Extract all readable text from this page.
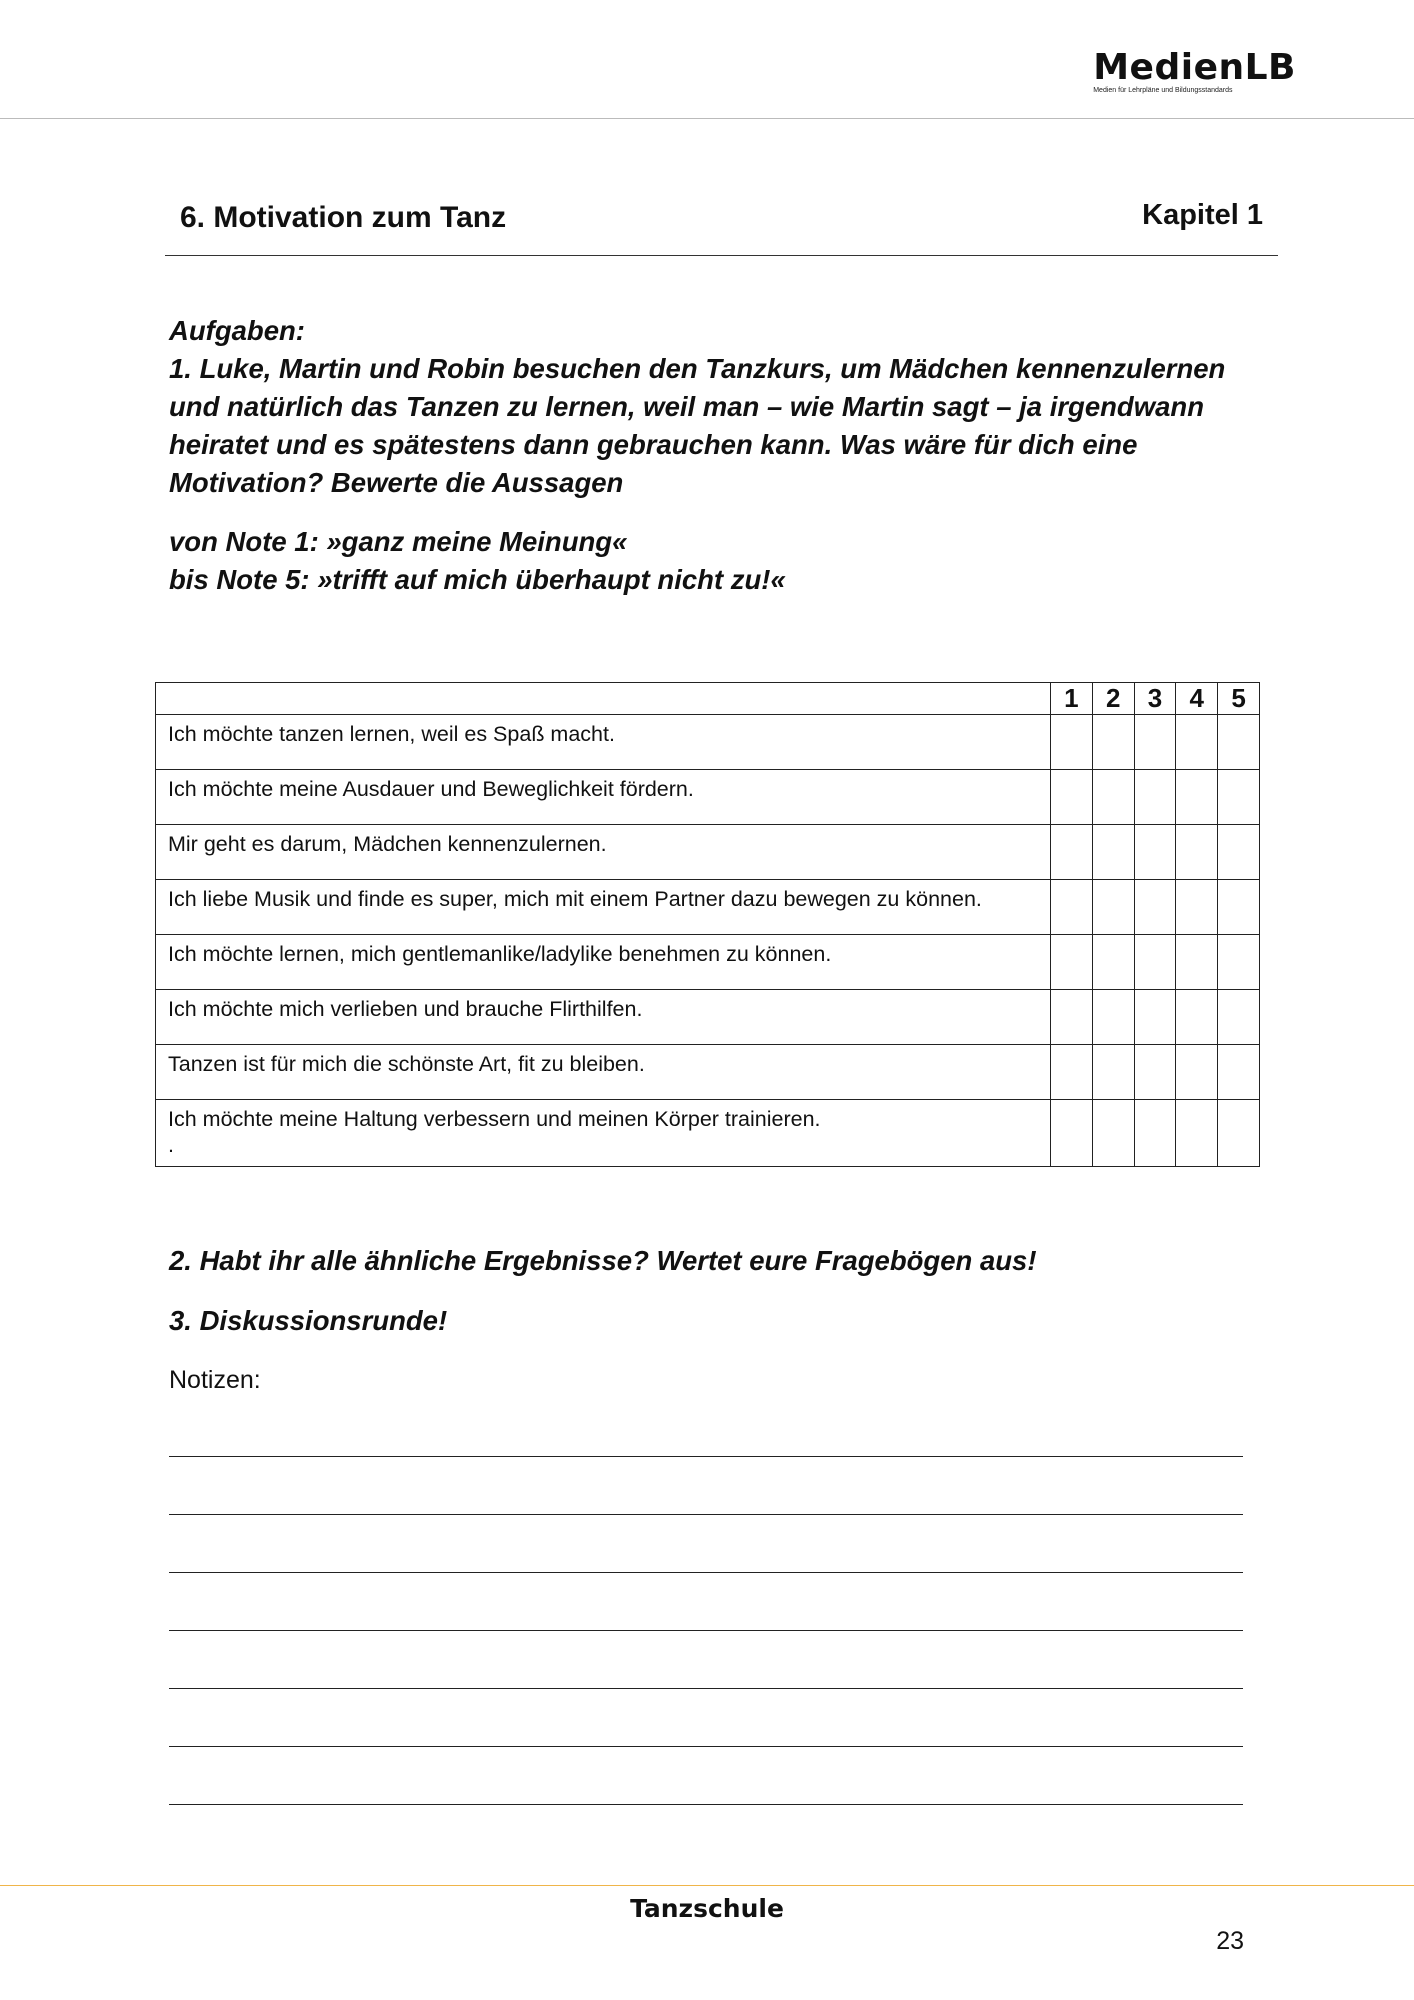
MedienLB
Medien für Lehrpläne und Bildungsstandards
6. Motivation zum Tanz	Kapitel 1

Aufgaben:

1. Luke, Martin und Robin besuchen den Tanzkurs, um Mädchen kennenzulernen und natürlich das Tanzen zu lernen, weil man – wie Martin sagt – ja irgendwann heiratet und es spätestens dann gebrauchen kann. Was wäre für dich eine Motivation? Bewerte die Aussagen

von Note 1: »ganz meine Meinung«

bis Note 5: »trifft auf mich überhaupt nicht zu!«

	1	2	3	4	5
Ich möchte tanzen lernen, weil es Spaß macht.					
Ich möchte meine Ausdauer und Beweglichkeit fördern.					
Mir geht es darum, Mädchen kennenzulernen.					
Ich liebe Musik und finde es super, mich mit einem Partner dazu bewegen zu können.					
Ich möchte lernen, mich gentlemanlike/ladylike benehmen zu können.					
Ich möchte mich verlieben und brauche Flirthilfen.					
Tanzen ist für mich die schönste Art, fit zu bleiben.					
Ich möchte meine Haltung verbessern und meinen Körper trainieren.
.					
2. Habt ihr alle ähnliche Ergebnisse? Wertet eure Fragebögen aus!
3. Diskussionsrunde!
Notizen:
Tanzschule
23
